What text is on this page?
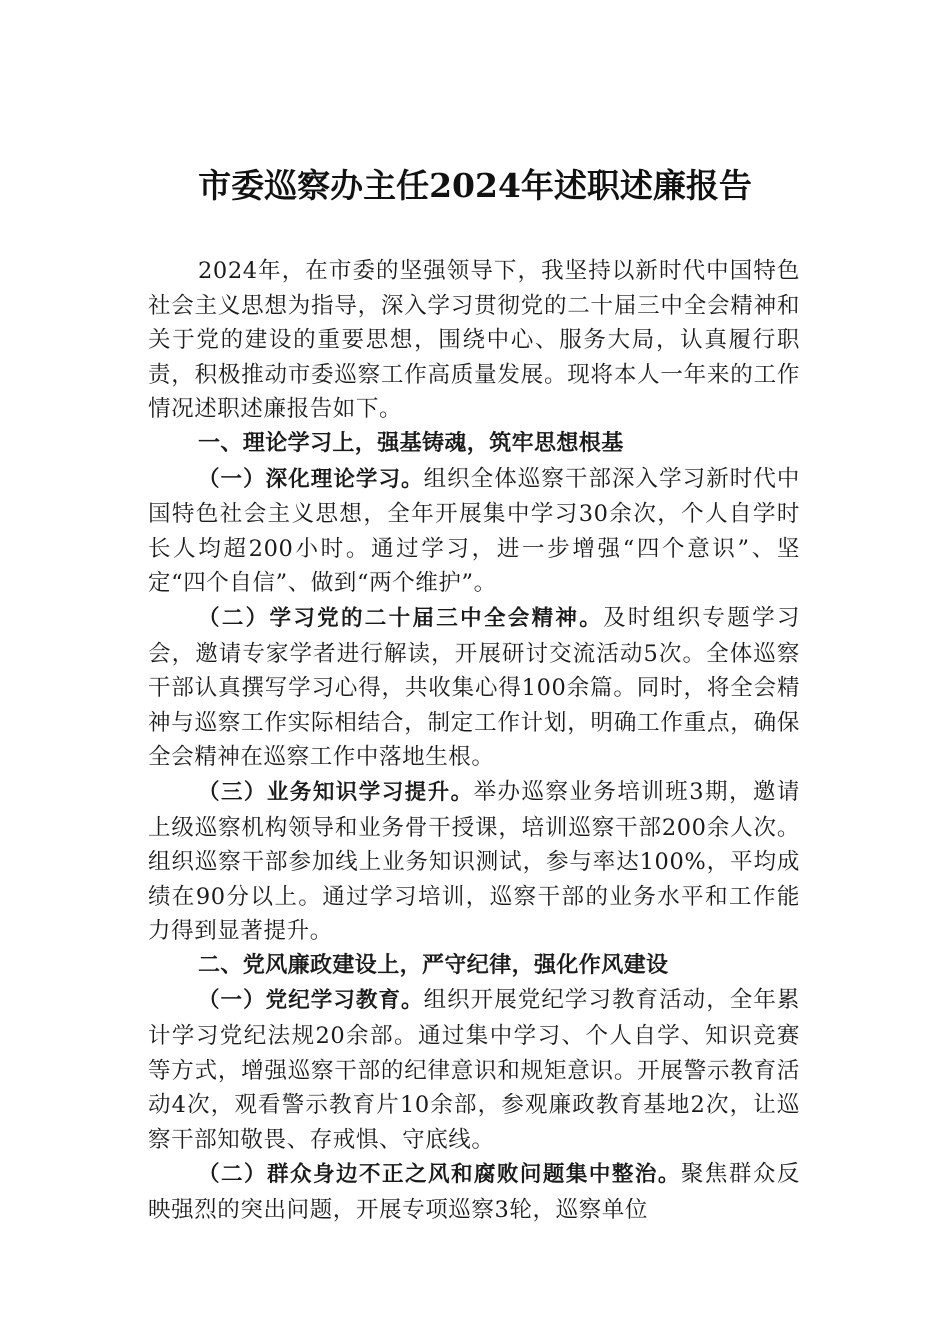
市委巡察办主任2024年述职述廉报告

2024年，在市委的坚强领导下，我坚持以新时代中国特色社会主义思想为指导，深入学习贯彻党的二十届三中全会精神和关于党的建设的重要思想，围绕中心、服务大局，认真履行职责，积极推动市委巡察工作高质量发展。现将本人一年来的工作情况述职述廉报告如下。

一、理论学习上，强基铸魂，筑牢思想根基

（一）深化理论学习。组织全体巡察干部深入学习新时代中国特色社会主义思想，全年开展集中学习30余次，个人自学时长人均超200小时。通过学习，进一步增强“四个意识”、坚定“四个自信”、做到“两个维护”。

（二）学习党的二十届三中全会精神。及时组织专题学习会，邀请专家学者进行解读，开展研讨交流活动5次。全体巡察干部认真撰写学习心得，共收集心得100余篇。同时，将全会精神与巡察工作实际相结合，制定工作计划，明确工作重点，确保全会精神在巡察工作中落地生根。

（三）业务知识学习提升。举办巡察业务培训班3期，邀请上级巡察机构领导和业务骨干授课，培训巡察干部200余人次。组织巡察干部参加线上业务知识测试，参与率达100%，平均成绩在90分以上。通过学习培训，巡察干部的业务水平和工作能力得到显著提升。

二、党风廉政建设上，严守纪律，强化作风建设

（一）党纪学习教育。组织开展党纪学习教育活动，全年累计学习党纪法规20余部。通过集中学习、个人自学、知识竞赛等方式，增强巡察干部的纪律意识和规矩意识。开展警示教育活动4次，观看警示教育片10余部，参观廉政教育基地2次，让巡察干部知敬畏、存戒惧、守底线。

（二）群众身边不正之风和腐败问题集中整治。聚焦群众反映强烈的突出问题，开展专项巡察3轮，巡察单位
